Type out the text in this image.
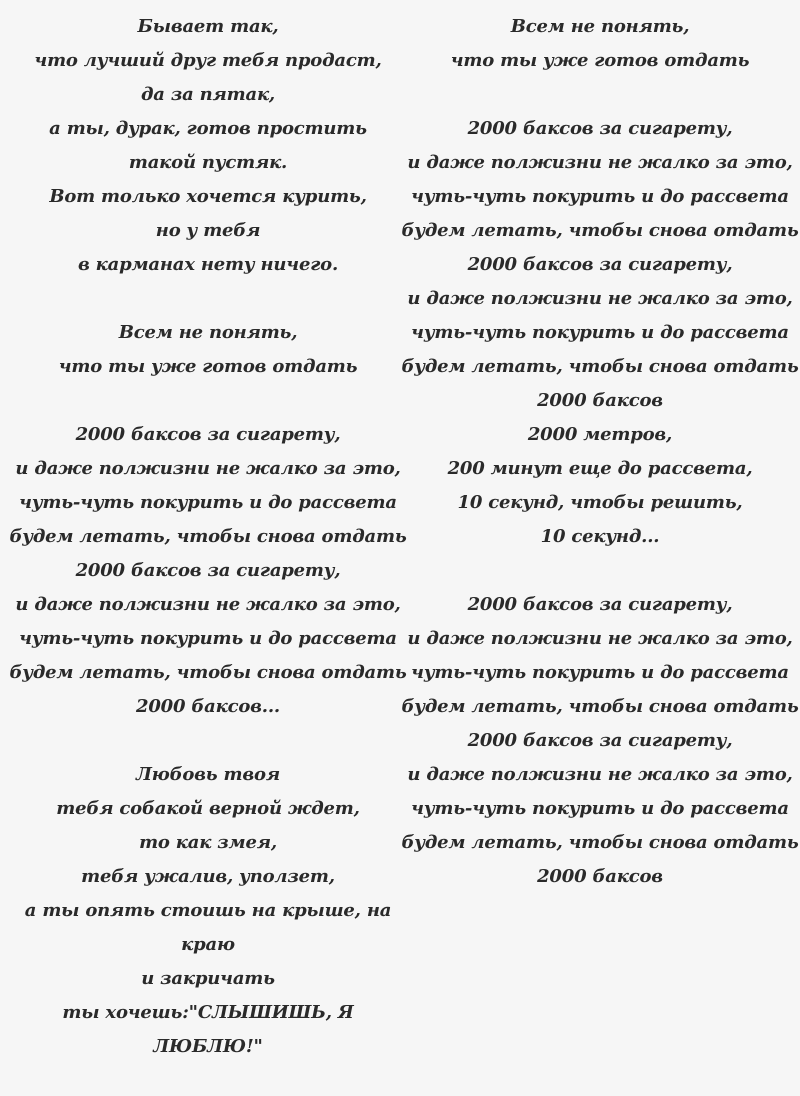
Бывает так,
что лучший друг тебя продаст,
да за пятак,
а ты, дурак, готов простить
такой пустяк.
Вот только хочется курить,
но у тебя
в карманах нету ничего.
Всем не понять,
что ты уже готов отдать
2000 баксов за сигарету,
и даже полжизни не жалко за это,
чуть-чуть покурить и до рассвета
будем летать, чтобы снова отдать
2000 баксов за сигарету,
и даже полжизни не жалко за это,
чуть-чуть покурить и до рассвета
будем летать, чтобы снова отдать
2000 баксов...
Любовь твоя
тебя собакой верной ждет,
то как змея,
тебя ужалив, уползет,
а ты опять стоишь на крыше, на
краю
и закричать
ты хочешь:"СЛЫШИШЬ, Я
ЛЮБЛЮ!"
Всем не понять,
что ты уже готов отдать
2000 баксов за сигарету,
и даже полжизни не жалко за это,
чуть-чуть покурить и до рассвета
будем летать, чтобы снова отдать
2000 баксов за сигарету,
и даже полжизни не жалко за это,
чуть-чуть покурить и до рассвета
будем летать, чтобы снова отдать
2000 баксов
2000 метров,
200 минут еще до рассвета,
10 секунд, чтобы решить,
10 секунд...
2000 баксов за сигарету,
и даже полжизни не жалко за это,
чуть-чуть покурить и до рассвета
будем летать, чтобы снова отдать
2000 баксов за сигарету,
и даже полжизни не жалко за это,
чуть-чуть покурить и до рассвета
будем летать, чтобы снова отдать
2000 баксов
